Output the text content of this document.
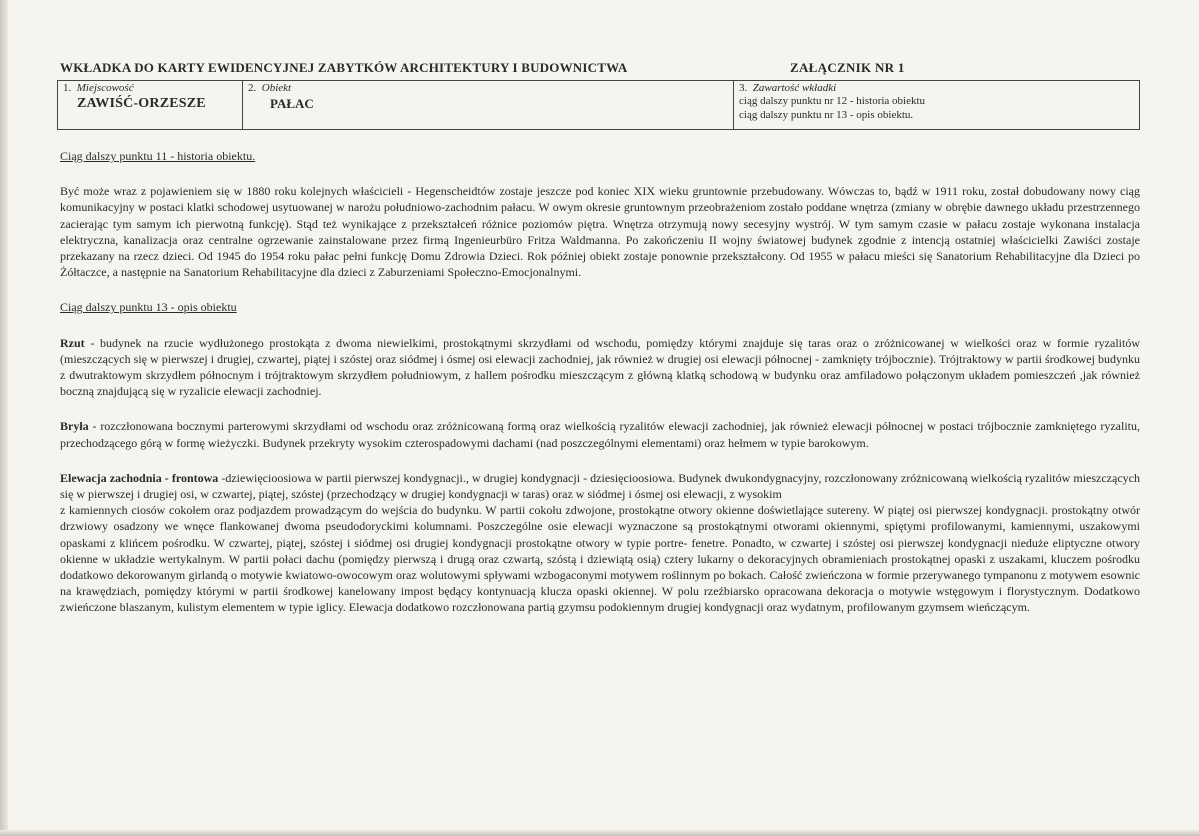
WKŁADKA DO KARTY EWIDENCYJNEJ ZABYTKÓW ARCHITEKTURY I BUDOWNICTWA	ZAŁĄCZNIK NR 1
1. Miejscowość
ZAWIŚĆ-ORZESZE

2. Obiekt
PAŁAC

3. Zawartość wkładki
ciąg dalszy punktu nr 12 - historia obiektu
ciąg dalszy punktu nr 13 - opis obiektu.

Ciąg dalszy punktu 11 - historia obiektu.

Być może wraz z pojawieniem się w 1880 roku kolejnych właścicieli - Hegenscheidtów zostaje jeszcze pod koniec XIX wieku gruntownie przebudowany. Wówczas to, bądź w 1911 roku, został dobudowany nowy ciąg komunikacyjny w postaci klatki schodowej usytuowanej w narożu południowo-zachodnim pałacu. W owym okresie gruntownym przeobrażeniom zostało poddane wnętrza (zmiany w obrębie dawnego układu przestrzennego zacierając tym samym ich pierwotną funkcję). Stąd też wynikające z przekształceń różnice poziomów piętra. Wnętrza otrzymują nowy secesyjny wystrój. W tym samym czasie w pałacu zostaje wykonana instalacja elektryczna, kanalizacja oraz centralne ogrzewanie zainstalowane przez firmą Ingenieurbüro Fritza Waldmanna. Po zakończeniu II wojny światowej budynek zgodnie z intencją ostatniej właścicielki Zawiści zostaje przekazany na rzecz dzieci. Od 1945 do 1954 roku pałac pełni funkcję Domu Zdrowia Dzieci. Rok później obiekt zostaje ponownie przekształcony. Od 1955 w pałacu mieści się Sanatorium Rehabilitacyjne dla Dzieci po Żółtaczce, a następnie na Sanatorium Rehabilitacyjne dla dzieci z Zaburzeniami Społeczno-Emocjonalnymi.

Ciąg dalszy punktu 13 - opis obiektu

Rzut - budynek na rzucie wydłużonego prostokąta z dwoma niewielkimi, prostokątnymi skrzydłami od wschodu, pomiędzy którymi znajduje się taras oraz o zróżnicowanej w wielkości oraz w formie ryzalitów (mieszczących się w pierwszej i drugiej, czwartej, piątej i szóstej oraz siódmej i ósmej osi elewacji zachodniej, jak również w drugiej osi elewacji północnej - zamknięty trójbocznie). Trójtraktowy w partii środkowej budynku z dwutraktowym skrzydłem północnym i trójtraktowym skrzydłem południowym, z hallem pośrodku mieszczącym z główną klatką schodową w budynku oraz amfiladowo połączonym układem pomieszczeń ,jak również boczną znajdującą się w ryzalicie elewacji zachodniej.

Bryła - rozczłonowana bocznymi parterowymi skrzydłami od wschodu oraz zróżnicowaną formą oraz wielkością ryzalitów elewacji zachodniej, jak również elewacji północnej w postaci trójbocznie zamkniętego ryzalitu, przechodzącego górą w formę wieżyczki. Budynek przekryty wysokim czterospadowymi dachami (nad poszczególnymi elementami) oraz hełmem w typie barokowym.

Elewacja zachodnia - frontowa -dziewięcioosiowa w partii pierwszej kondygnacji., w drugiej kondygnacji - dziesięcioosiowa. Budynek dwukondygnacyjny, rozczłonowany zróżnicowaną wielkością ryzalitów mieszczących się w pierwszej i drugiej osi, w czwartej, piątej, szóstej (przechodzący w drugiej kondygnacji w taras) oraz w siódmej i ósmej osi elewacji, z wysokim

z kamiennych ciosów cokołem oraz podjazdem prowadzącym do wejścia do budynku. W partii cokołu zdwojone, prostokątne otwory okienne doświetlające sutereny. W piątej osi pierwszej kondygnacji. prostokątny otwór drzwiowy osadzony we wnęce flankowanej dwoma pseudodoryckimi kolumnami. Poszczególne osie elewacji wyznaczone są prostokątnymi otworami okiennymi, spiętymi profilowanymi, kamiennymi, uszakowymi opaskami z klińcem pośrodku. W czwartej, piątej, szóstej i siódmej osi drugiej kondygnacji prostokątne otwory w typie portre- fenetre. Ponadto, w czwartej i szóstej osi pierwszej kondygnacji nieduże eliptyczne otwory okienne w układzie wertykalnym. W partii połaci dachu (pomiędzy pierwszą i drugą oraz czwartą, szóstą i dziewiątą osią) cztery lukarny o dekoracyjnych obramieniach prostokątnej opaski z uszakami, kluczem pośrodku dodatkowo dekorowanym girlandą o motywie kwiatowo-owocowym oraz wolutowymi spływami wzbogaconymi motywem roślinnym po bokach. Całość zwieńczona w formie przerywanego tympanonu z motywem esownic na krawędziach, pomiędzy którymi w partii środkowej kanelowany impost będący kontynuacją klucza opaski okiennej. W polu rzeźbiarsko opracowana dekoracja o motywie wstęgowym i florystycznym. Dodatkowo zwieńczone blaszanym, kulistym elementem w typie iglicy. Elewacja dodatkowo rozczłonowana partią gzymsu podokiennym drugiej kondygnacji oraz wydatnym, profilowanym gzymsem wieńczącym.
